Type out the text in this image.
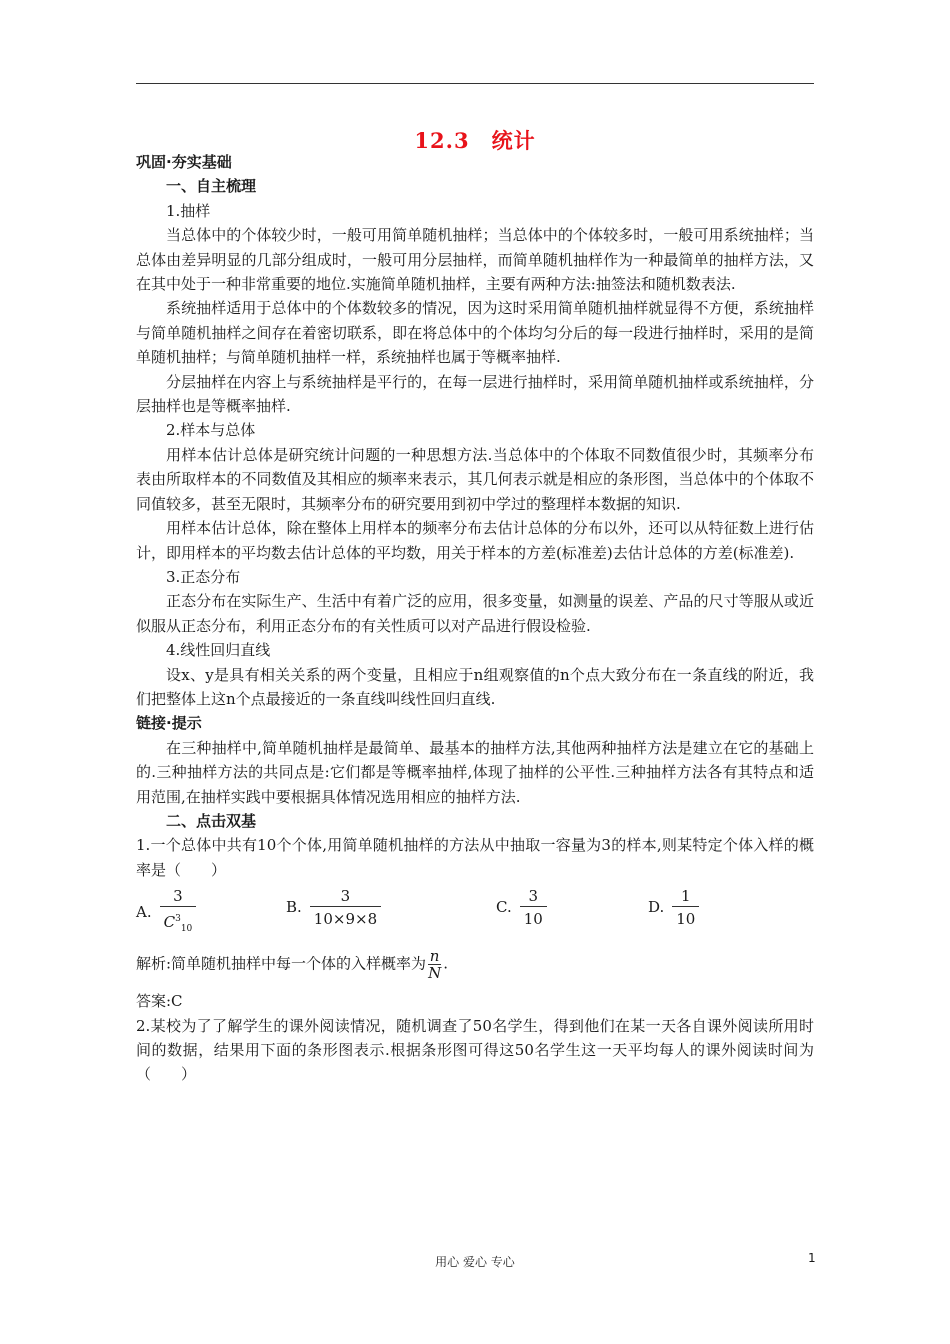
12.3　统计

巩固·夯实基础

一、自主梳理

1.抽样

当总体中的个体较少时，一般可用简单随机抽样；当总体中的个体较多时，一般可用系统抽样；当总体由差异明显的几部分组成时，一般可用分层抽样，而简单随机抽样作为一种最简单的抽样方法，又在其中处于一种非常重要的地位.实施简单随机抽样，主要有两种方法:抽签法和随机数表法.

系统抽样适用于总体中的个体数较多的情况，因为这时采用简单随机抽样就显得不方便，系统抽样与简单随机抽样之间存在着密切联系，即在将总体中的个体均匀分后的每一段进行抽样时，采用的是简单随机抽样；与简单随机抽样一样，系统抽样也属于等概率抽样.

分层抽样在内容上与系统抽样是平行的，在每一层进行抽样时，采用简单随机抽样或系统抽样，分层抽样也是等概率抽样.

2.样本与总体

用样本估计总体是研究统计问题的一种思想方法.当总体中的个体取不同数值很少时，其频率分布表由所取样本的不同数值及其相应的频率来表示，其几何表示就是相应的条形图，当总体中的个体取不同值较多，甚至无限时，其频率分布的研究要用到初中学过的整理样本数据的知识.

用样本估计总体，除在整体上用样本的频率分布去估计总体的分布以外，还可以从特征数上进行估计，即用样本的平均数去估计总体的平均数，用关于样本的方差(标准差)去估计总体的方差(标准差).

3.正态分布

正态分布在实际生产、生活中有着广泛的应用，很多变量，如测量的误差、产品的尺寸等服从或近似服从正态分布，利用正态分布的有关性质可以对产品进行假设检验.

4.线性回归直线

设x、y是具有相关关系的两个变量，且相应于n组观察值的n个点大致分布在一条直线的附近，我们把整体上这n个点最接近的一条直线叫线性回归直线.

链接·提示

在三种抽样中,简单随机抽样是最简单、最基本的抽样方法,其他两种抽样方法是建立在它的基础上的.三种抽样方法的共同点是:它们都是等概率抽样,体现了抽样的公平性.三种抽样方法各有其特点和适用范围,在抽样实践中要根据具体情况选用相应的抽样方法.

二、点击双基

1.一个总体中共有10个个体,用简单随机抽样的方法从中抽取一容量为3的样本,则某特定个体入样的概率是（　　）

A. $\frac{3}{C^3_{10}}$	B. $\frac{3}{10\times 9\times 8}$	C. $\frac{3}{10}$	D. $\frac{1}{10}$

解析:简单随机抽样中每一个体的入样概率为 $\frac{n}{N}$ .

答案:C

2.某校为了了解学生的课外阅读情况，随机调查了50名学生，得到他们在某一天各自课外阅读所用时间的数据，结果用下面的条形图表示.根据条形图可得这50名学生这一天平均每人的课外阅读时间为（　　）

用心 爱心 专心	1
